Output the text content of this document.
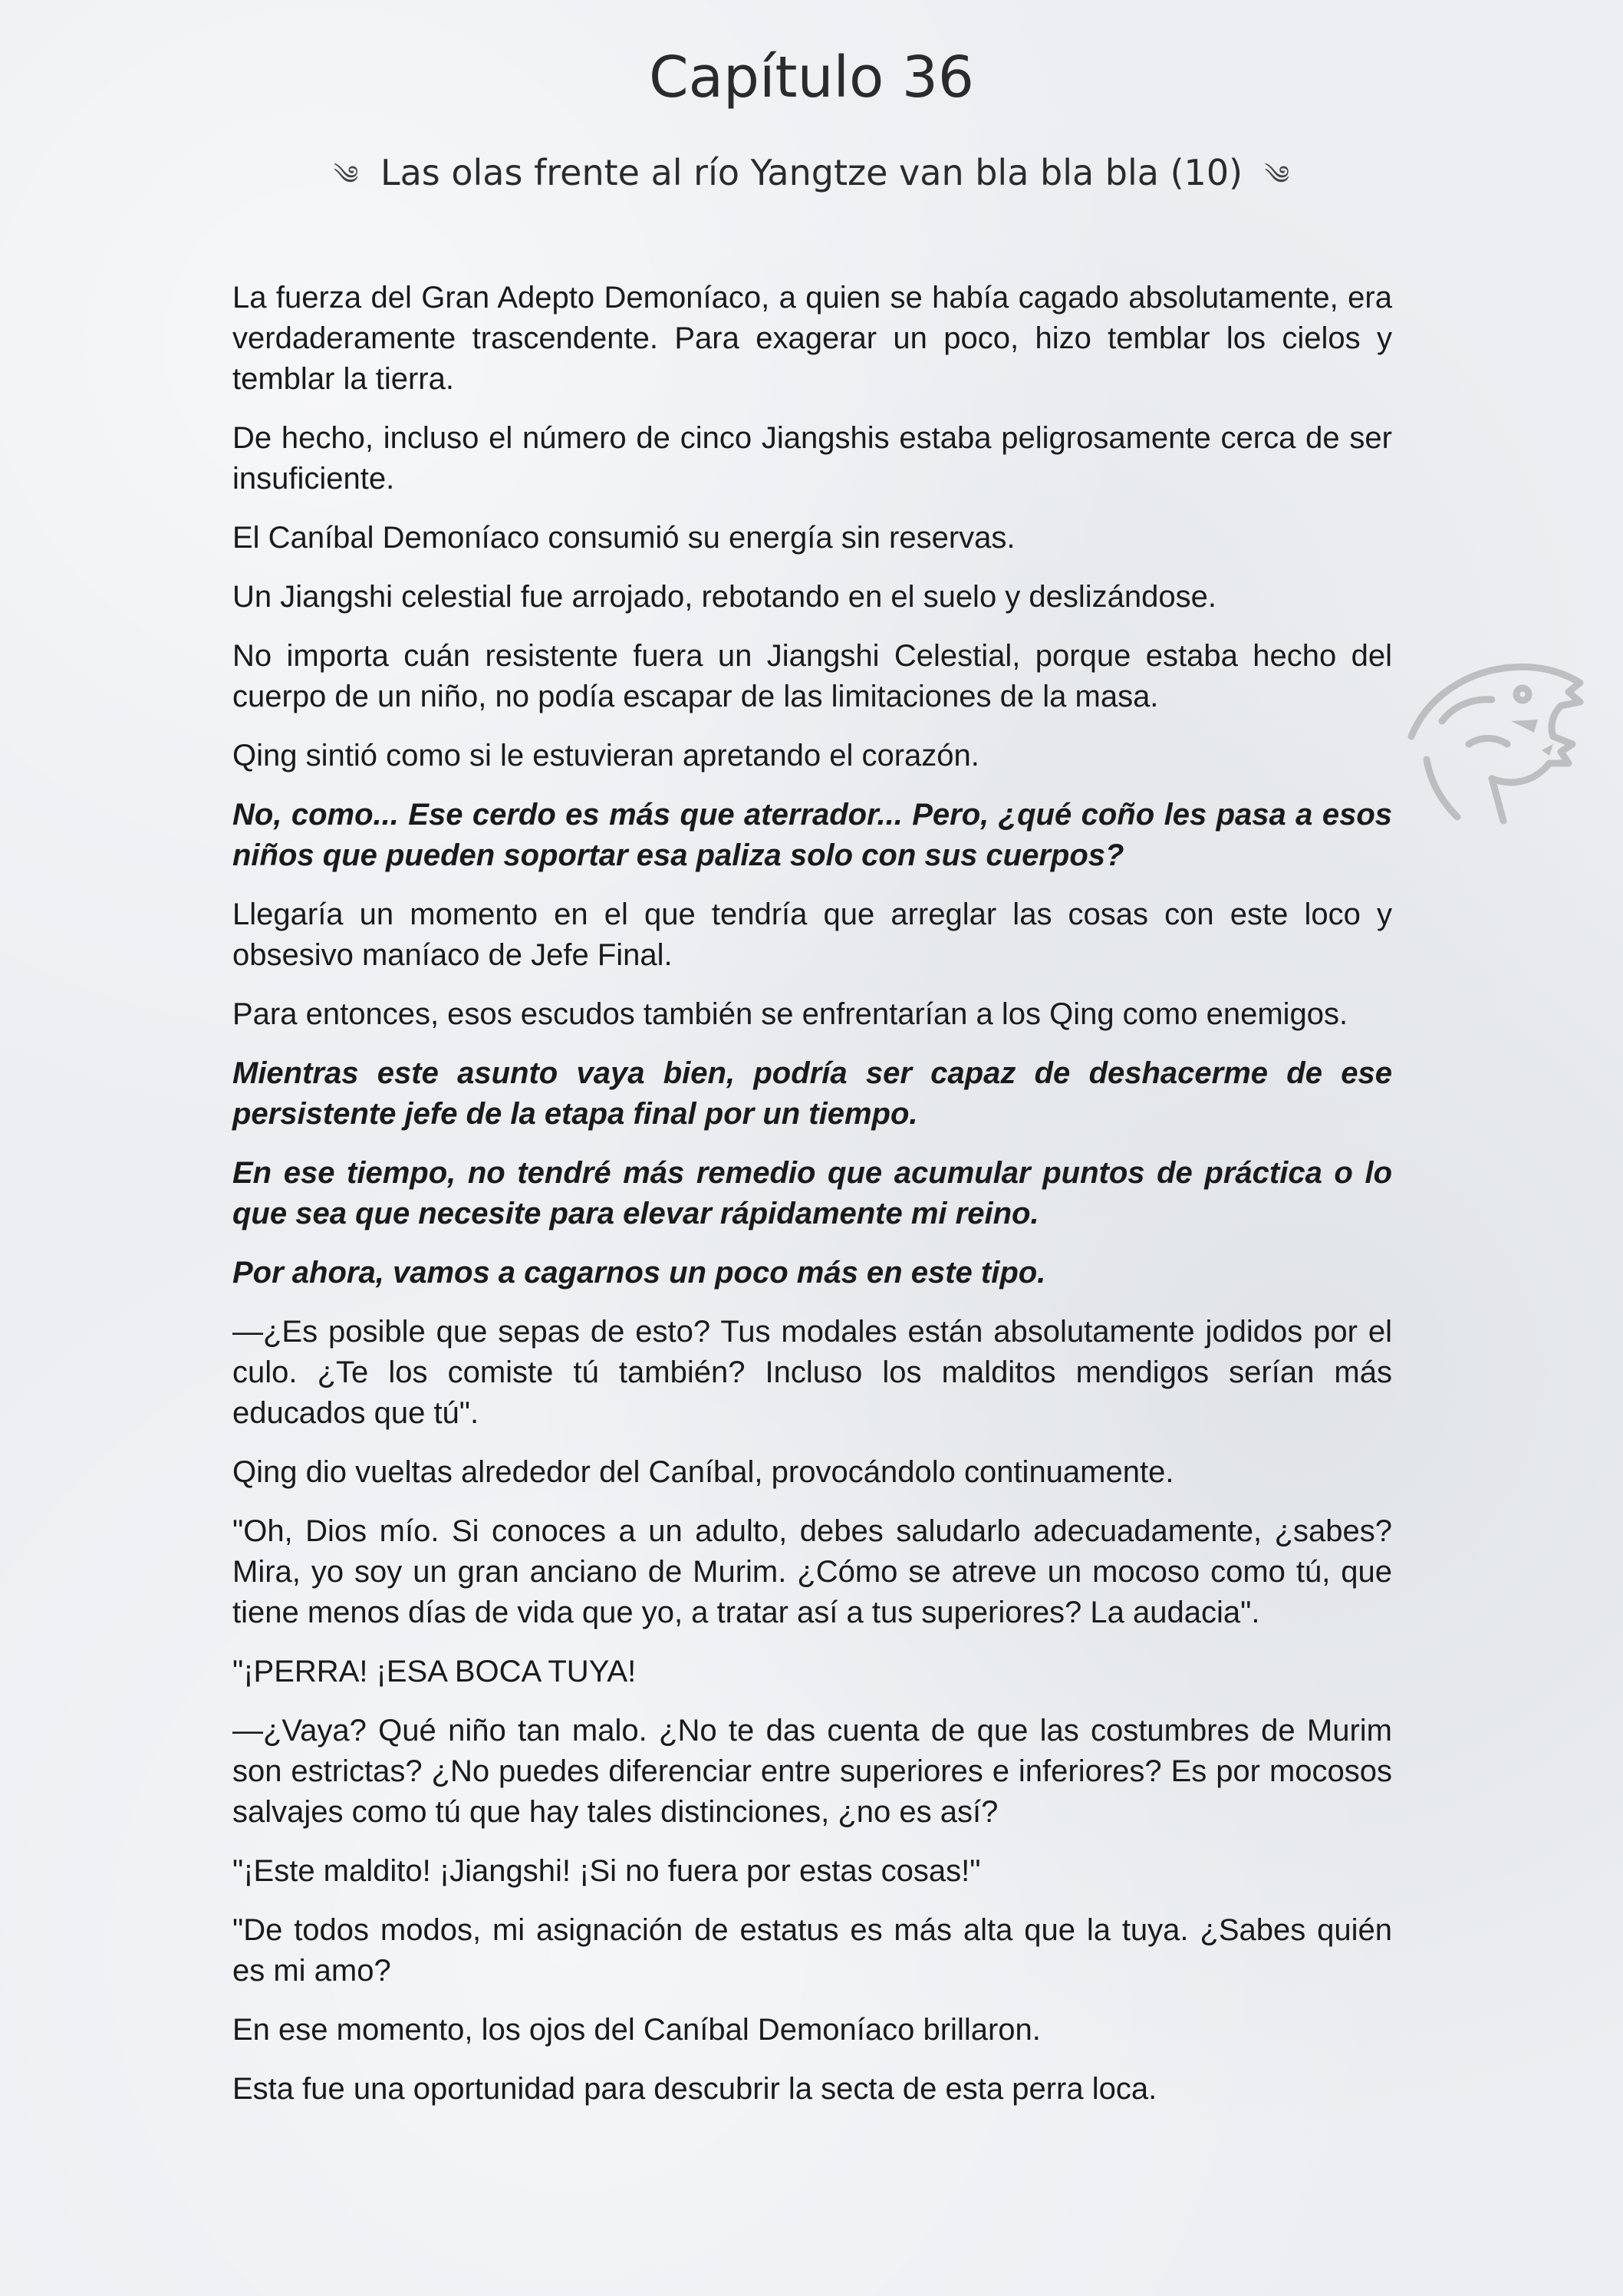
Capítulo 36
༄ Las olas frente al río Yangtze van bla bla bla (10) ༄

La fuerza del Gran Adepto Demoníaco, a quien se había cagado absolutamente, era verdaderamente trascendente. Para exagerar un poco, hizo temblar los cielos y temblar la tierra.

De hecho, incluso el número de cinco Jiangshis estaba peligrosamente cerca de ser insuficiente.

El Caníbal Demoníaco consumió su energía sin reservas.

Un Jiangshi celestial fue arrojado, rebotando en el suelo y deslizándose.

No importa cuán resistente fuera un Jiangshi Celestial, porque estaba hecho del cuerpo de un niño, no podía escapar de las limitaciones de la masa.

Qing sintió como si le estuvieran apretando el corazón.

No, como... Ese cerdo es más que aterrador... Pero, ¿qué coño les pasa a esos niños que pueden soportar esa paliza solo con sus cuerpos?

Llegaría un momento en el que tendría que arreglar las cosas con este loco y obsesivo maníaco de Jefe Final.

Para entonces, esos escudos también se enfrentarían a los Qing como enemigos.

Mientras este asunto vaya bien, podría ser capaz de deshacerme de ese persistente jefe de la etapa final por un tiempo.

En ese tiempo, no tendré más remedio que acumular puntos de práctica o lo que sea que necesite para elevar rápidamente mi reino.

Por ahora, vamos a cagarnos un poco más en este tipo.

—¿Es posible que sepas de esto? Tus modales están absolutamente jodidos por el culo. ¿Te los comiste tú también? Incluso los malditos mendigos serían más educados que tú".

Qing dio vueltas alrededor del Caníbal, provocándolo continuamente.

"Oh, Dios mío. Si conoces a un adulto, debes saludarlo adecuadamente, ¿sabes? Mira, yo soy un gran anciano de Murim. ¿Cómo se atreve un mocoso como tú, que tiene menos días de vida que yo, a tratar así a tus superiores? La audacia".

"¡PERRA! ¡ESA BOCA TUYA!

—¿Vaya? Qué niño tan malo. ¿No te das cuenta de que las costumbres de Murim son estrictas? ¿No puedes diferenciar entre superiores e inferiores? Es por mocosos salvajes como tú que hay tales distinciones, ¿no es así?

"¡Este maldito! ¡Jiangshi! ¡Si no fuera por estas cosas!"

"De todos modos, mi asignación de estatus es más alta que la tuya. ¿Sabes quién es mi amo?

En ese momento, los ojos del Caníbal Demoníaco brillaron.

Esta fue una oportunidad para descubrir la secta de esta perra loca.
